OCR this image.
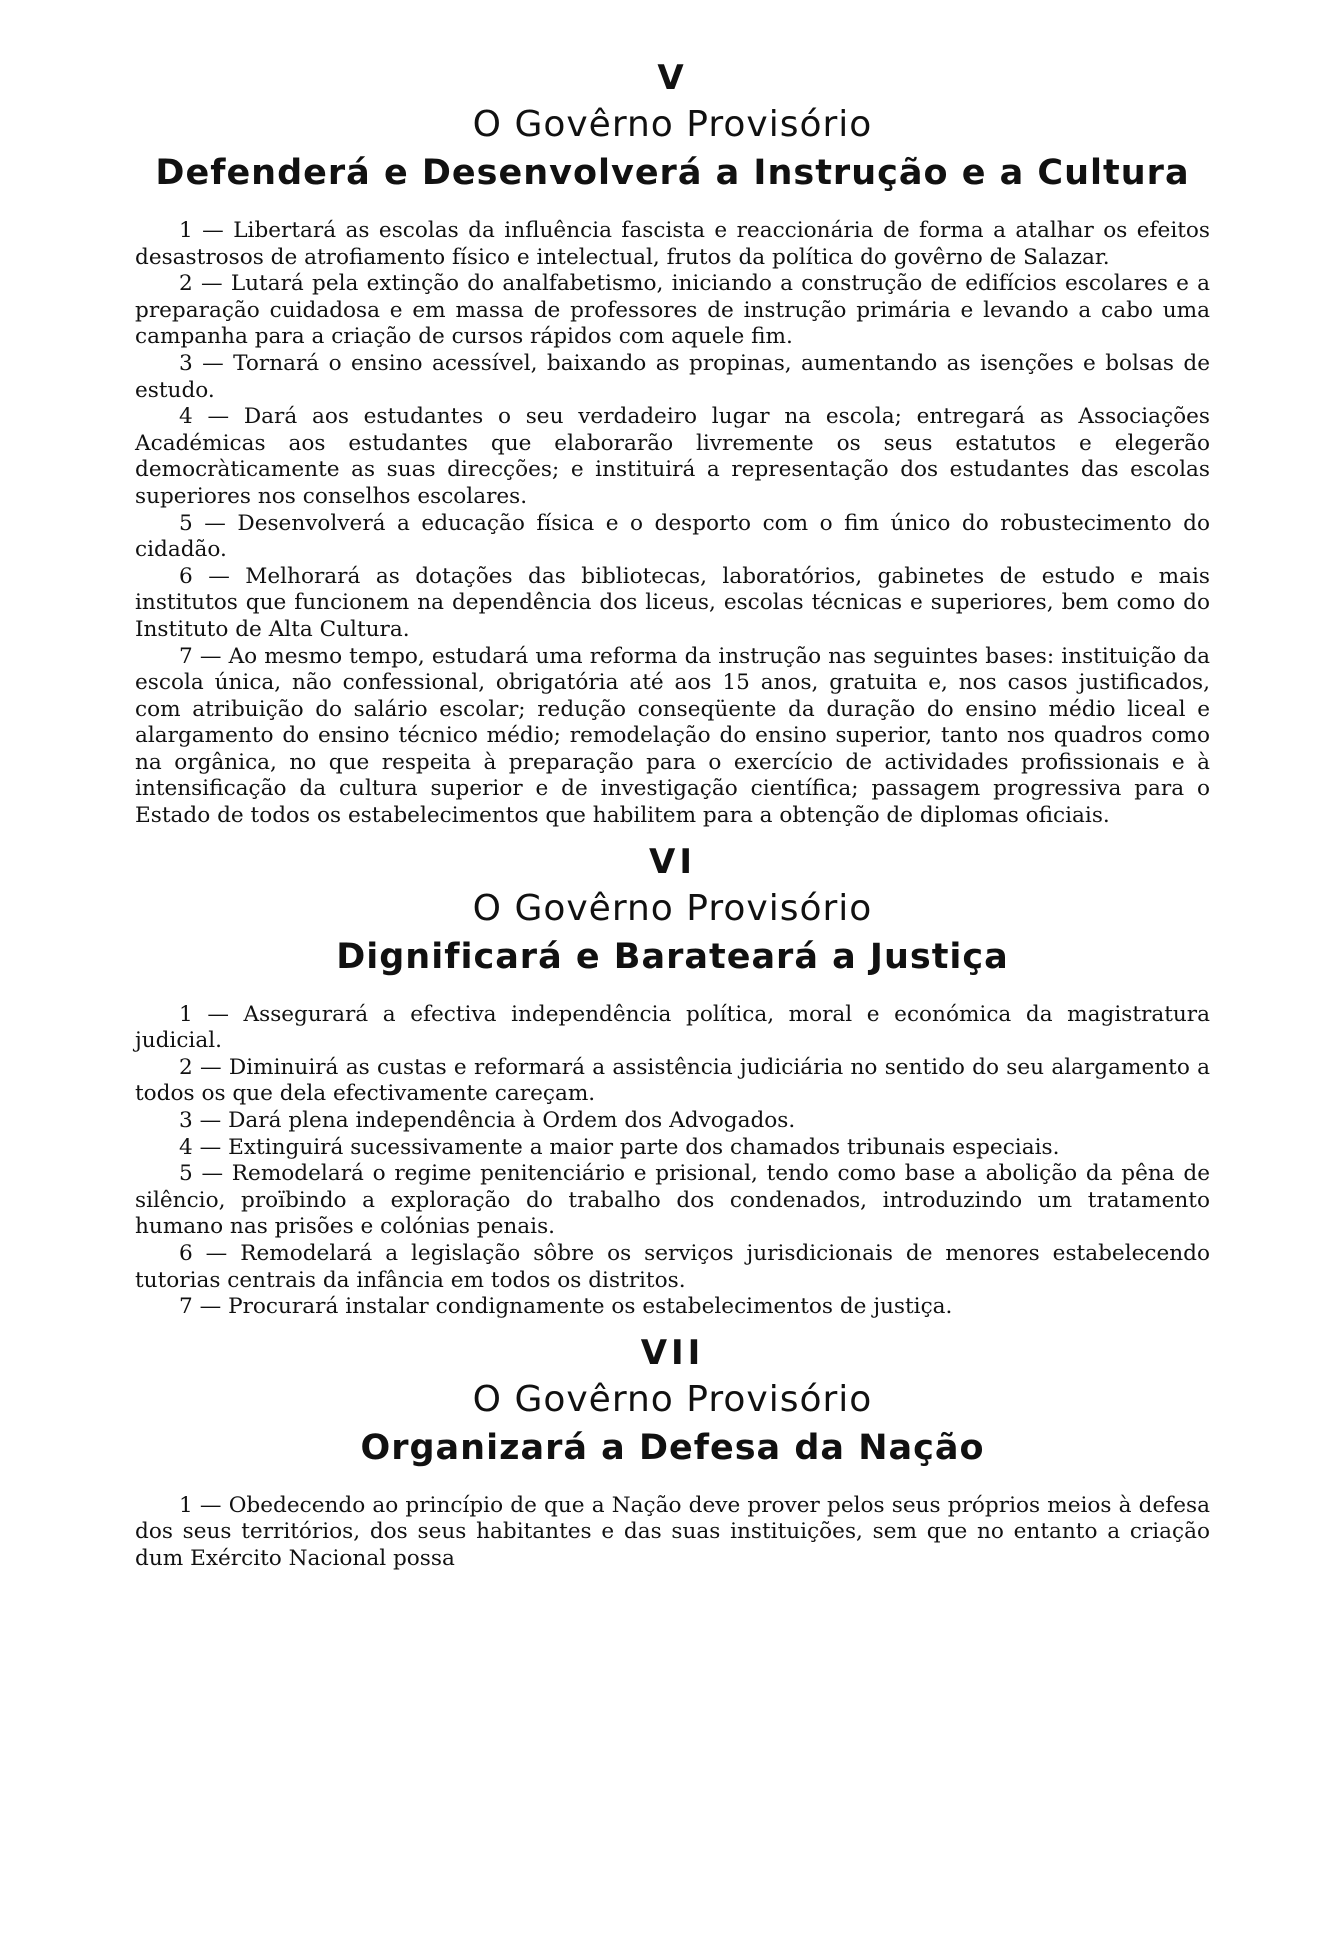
V

O Govêrno Provisório

Defenderá e Desenvolverá a Instrução e a Cultura

1 — Libertará as escolas da influência fascista e reaccionária de forma a atalhar os efeitos desastrosos de atrofiamento físico e intelectual, frutos da política do govêrno de Salazar.

2 — Lutará pela extinção do analfabetismo, iniciando a construção de edifícios escolares e a preparação cuidadosa e em massa de professores de instrução primária e levando a cabo uma campanha para a criação de cursos rápidos com aquele fim.

3 — Tornará o ensino acessível, baixando as propinas, aumentando as isenções e bolsas de estudo.

4 — Dará aos estudantes o seu verdadeiro lugar na escola; entregará as Associações Académicas aos estudantes que elaborarão livremente os seus estatutos e elegerão democràticamente as suas direcções; e instituirá a representação dos estudantes das escolas superiores nos conselhos escolares.

5 — Desenvolverá a educação física e o desporto com o fim único do robustecimento do cidadão.

6 — Melhorará as dotações das bibliotecas, laboratórios, gabinetes de estudo e mais institutos que funcionem na dependência dos liceus, escolas técnicas e superiores, bem como do Instituto de Alta Cultura.

7 — Ao mesmo tempo, estudará uma reforma da instrução nas seguintes bases: instituição da escola única, não confessional, obrigatória até aos 15 anos, gratuita e, nos casos justificados, com atribuição do salário escolar; redução conseqüente da duração do ensino médio liceal e alargamento do ensino técnico médio; remodelação do ensino superior, tanto nos quadros como na orgânica, no que respeita à preparação para o exercício de actividades profissionais e à intensificação da cultura superior e de investigação científica; passagem progressiva para o Estado de todos os estabelecimentos que habilitem para a obtenção de diplomas oficiais.

VI

O Govêrno Provisório

Dignificará e Barateará a Justiça

1 — Assegurará a efectiva independência política, moral e económica da magistratura judicial.

2 — Diminuirá as custas e reformará a assistência judiciária no sentido do seu alargamento a todos os que dela efectivamente careçam.

3 — Dará plena independência à Ordem dos Advogados.

4 — Extinguirá sucessivamente a maior parte dos chamados tribunais especiais.

5 — Remodelará o regime penitenciário e prisional, tendo como base a abolição da pêna de silêncio, proïbindo a exploração do trabalho dos condenados, introduzindo um tratamento humano nas prisões e colónias penais.

6 — Remodelará a legislação sôbre os serviços jurisdicionais de menores estabelecendo tutorias centrais da infância em todos os distritos.

7 — Procurará instalar condignamente os estabelecimentos de justiça.

VII

O Govêrno Provisório

Organizará a Defesa da Nação

1 — Obedecendo ao princípio de que a Nação deve prover pelos seus próprios meios à defesa dos seus territórios, dos seus habitantes e das suas instituições, sem que no entanto a criação dum Exército Nacional possa
